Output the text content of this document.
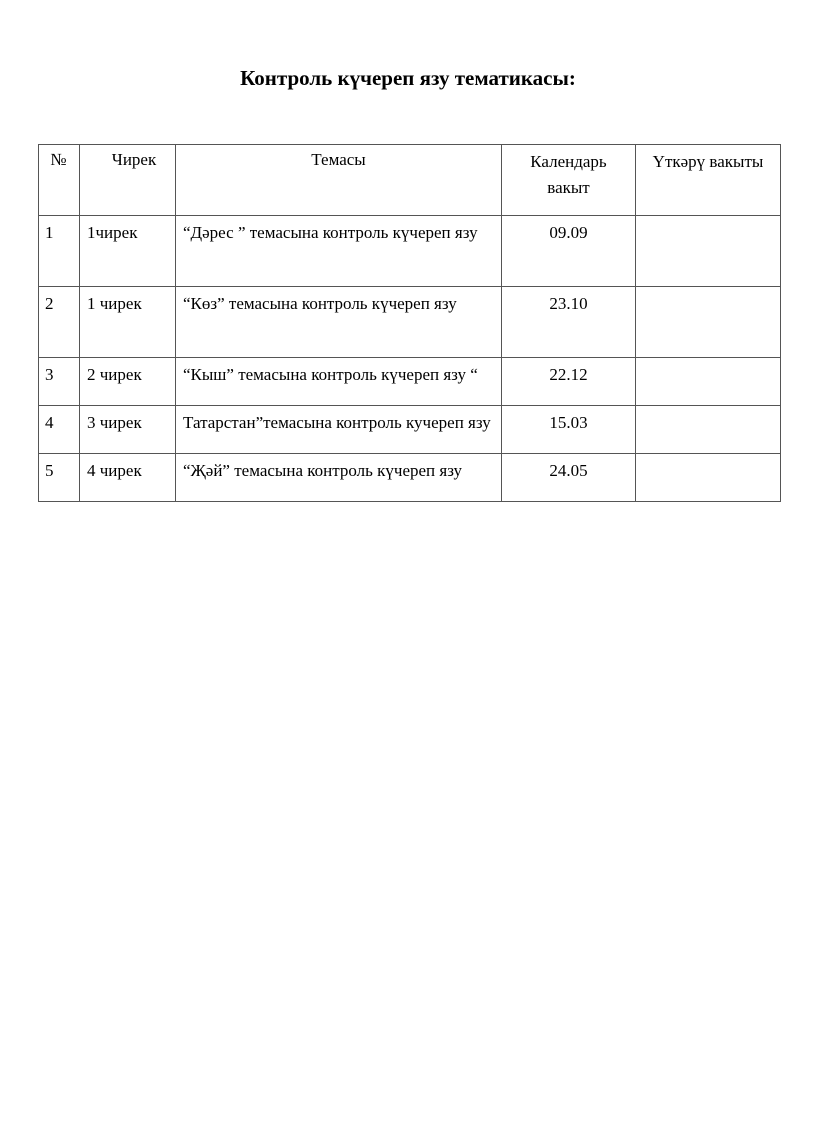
Контроль күчереп язу тематикасы:
№	Чирек	Темасы	Календарь вакыт	Үткәрү вакыты

1	1чирек	“Дәрес ” темасына контроль күчереп язу	09.09	

2	1 чирек	“Көз” темасына контроль күчереп язу	23.10	

3	2 чирек	“Кыш” темасына контроль күчереп язу “	22.12	

4	3 чирек	Татарстан”темасына контроль кучереп язу	15.03	

5	4 чирек	“Җәй” темасына контроль күчереп язу	24.05	
